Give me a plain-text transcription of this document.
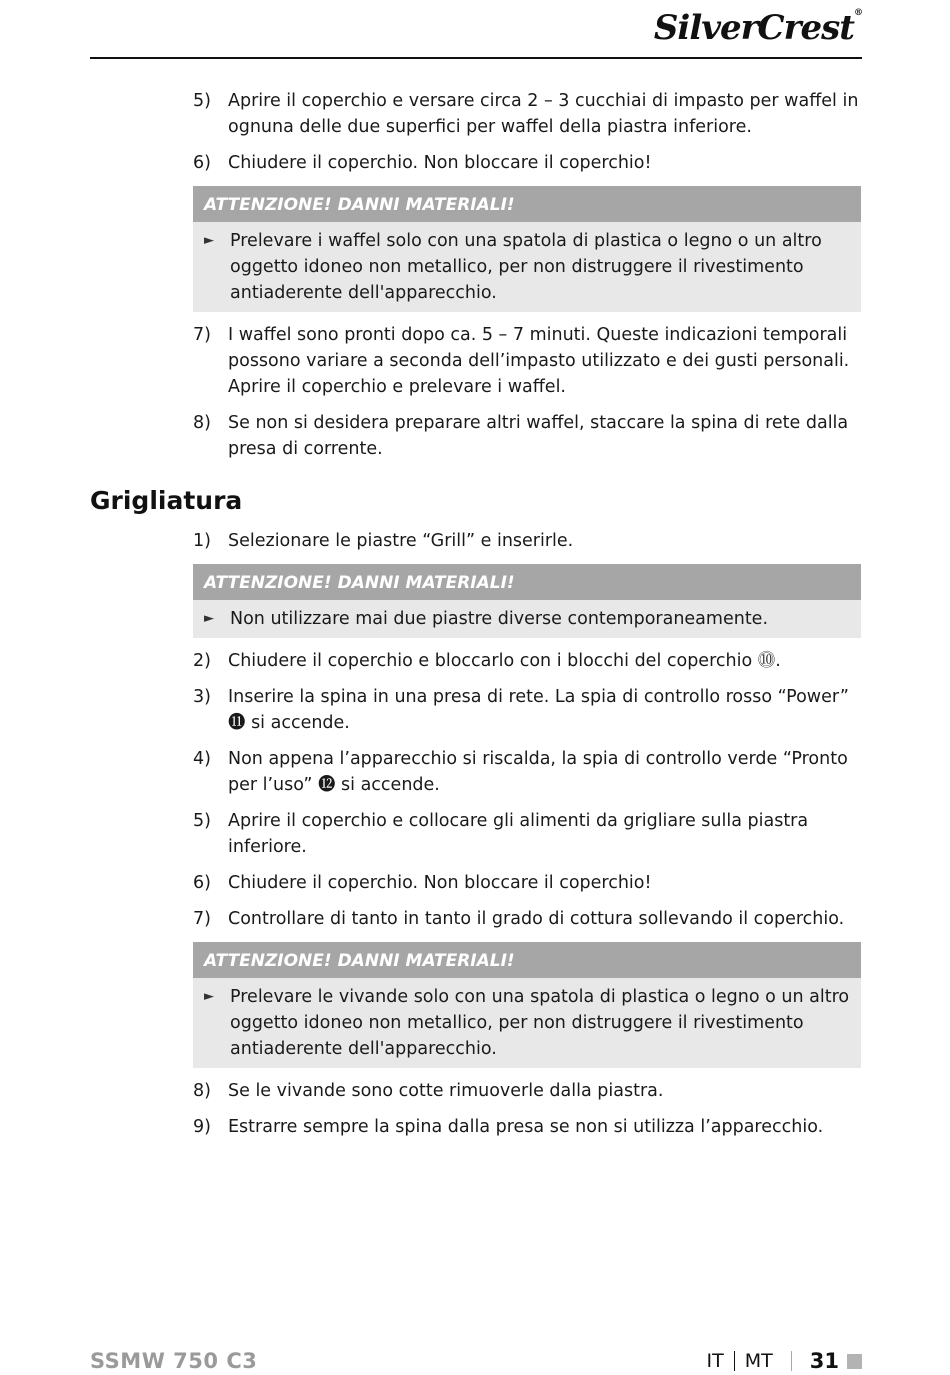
SilverCrest®
5) Aprire il coperchio e versare circa 2 – 3 cucchiai di impasto per waffel in ognuna delle due superfici per waffel della piastra inferiore.
6) Chiudere il coperchio. Non bloccare il coperchio!
ATTENZIONE! DANNI MATERIALI!
► Prelevare i waffel solo con una spatola di plastica o legno o un altro oggetto idoneo non metallico, per non distruggere il rivestimento antiaderente dell'apparecchio.
7) I waffel sono pronti dopo ca. 5 – 7 minuti. Queste indicazioni temporali possono variare a seconda dell’impasto utilizzato e dei gusti personali. Aprire il coperchio e prelevare i waffel.
8) Se non si desidera preparare altri waffel, staccare la spina di rete dalla presa di corrente.
Grigliatura
1) Selezionare le piastre “Grill” e inserirle.
ATTENZIONE! DANNI MATERIALI!
► Non utilizzare mai due piastre diverse contemporaneamente.
2) Chiudere il coperchio e bloccarlo con i blocchi del coperchio ⓾.
3) Inserire la spina in una presa di rete. La spia di controllo rosso “Power” ⓫ si accende.
4) Non appena l’apparecchio si riscalda, la spia di controllo verde “Pronto per l’uso” ⓬ si accende.
5) Aprire il coperchio e collocare gli alimenti da grigliare sulla piastra inferiore.
6) Chiudere il coperchio. Non bloccare il coperchio!
7) Controllare di tanto in tanto il grado di cottura sollevando il coperchio.
ATTENZIONE! DANNI MATERIALI!
► Prelevare le vivande solo con una spatola di plastica o legno o un altro oggetto idoneo non metallico, per non distruggere il rivestimento antiaderente dell'apparecchio.
8) Se le vivande sono cotte rimuoverle dalla piastra.
9) Estrarre sempre la spina dalla presa se non si utilizza l’apparecchio.
SSMW 750 C3	IT MT 31
